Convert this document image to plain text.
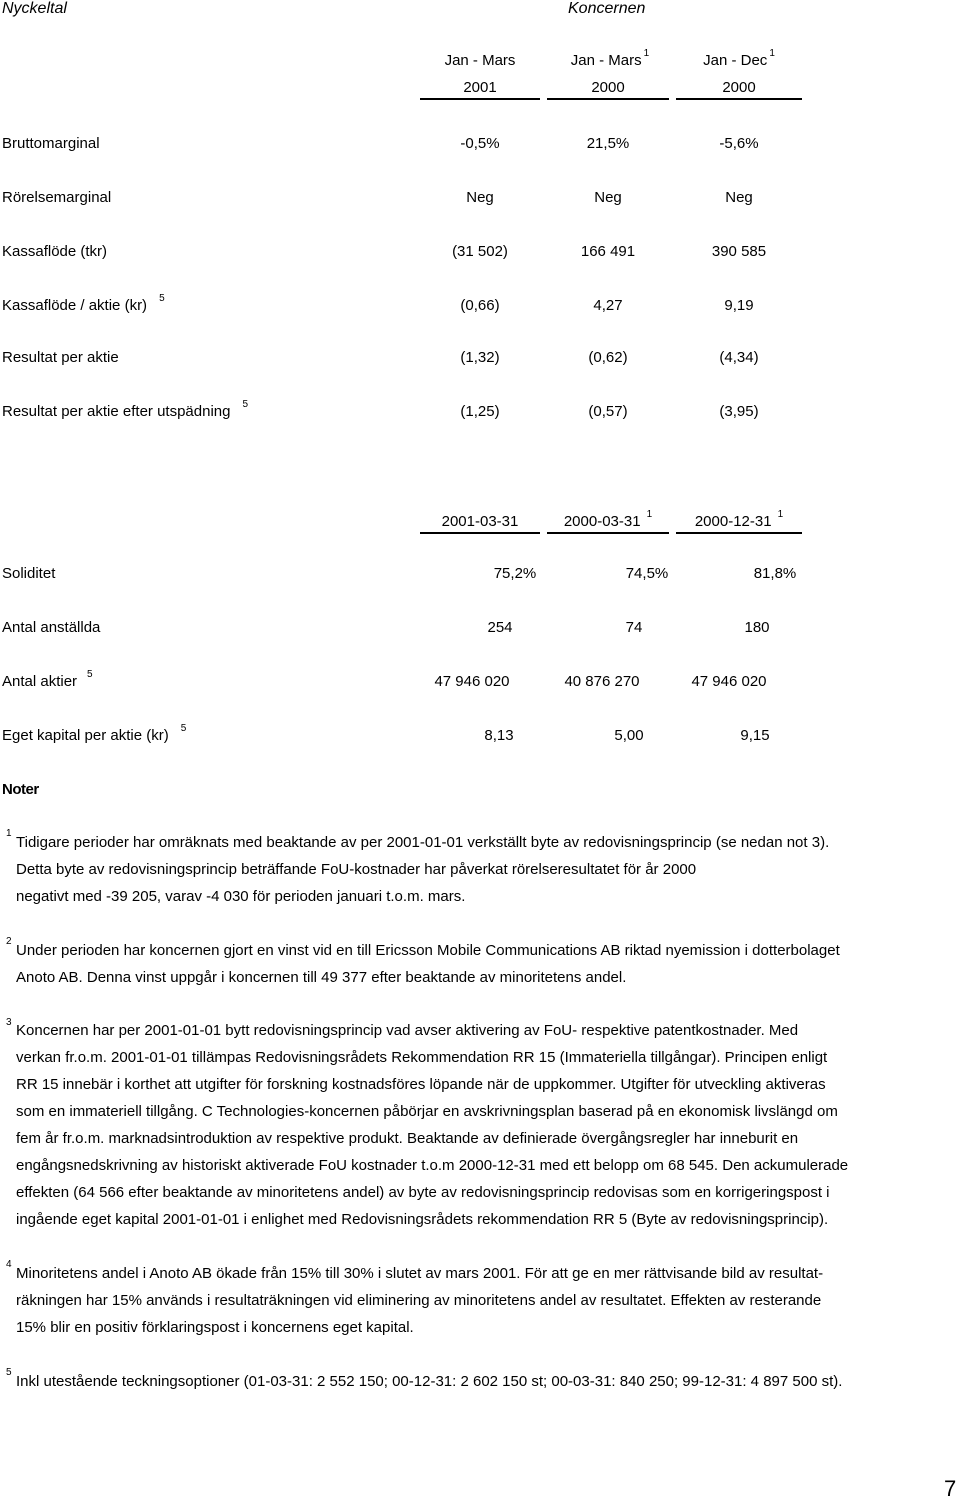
Nyckeltal	Koncernen
Jan - Mars	Jan - Mars $^1$	Jan - Dec $^1$
2001	2000	2000
Bruttomarginal	-0,5%	21,5%	-5,6%
Rörelsemarginal	Neg	Neg	Neg
Kassaflöde (tkr)	(31 502)	166 491	390 585
Kassaflöde / aktie (kr) $^5$	(0,66)	4,27	9,19
Resultat per aktie	(1,32)	(0,62)	(4,34)
Resultat per aktie efter utspädning $^5$	(1,25)	(0,57)	(3,95)
2001-03-31	2000-03-31 $^1$	2000-12-31 $^1$
Soliditet	75,2%	74,5%	81,8%
Antal anställda	254	74	180
Antal aktier $^5$	47 946 020	40 876 270	47 946 020
Eget kapital per aktie (kr) $^5$	8,13	5,00	9,15
Noter
1
Tidigare perioder har omräknats med beaktande av per 2001-01-01 verkställt byte av redovisningsprincip (se nedan not 3).
Detta byte av redovisningsprincip beträffande FoU-kostnader har påverkat rörelseresultatet för år 2000
negativt med -39 205, varav -4 030 för perioden januari t.o.m. mars.
2
Under perioden har koncernen gjort en vinst vid en till Ericsson Mobile Communications AB riktad nyemission i dotterbolaget
Anoto AB. Denna vinst uppgår i koncernen till 49 377 efter beaktande av minoritetens andel.
3 Koncernen har per 2001-01-01 bytt redovisningsprincip vad avser aktivering av FoU- respektive patentkostnader. Med
verkan fr.o.m. 2001-01-01 tillämpas Redovisningsrådets Rekommendation RR 15 (Immateriella tillgångar). Principen enligt
RR 15 innebär i korthet att utgifter för forskning kostnadsföres löpande när de uppkommer. Utgifter för utveckling aktiveras
som en immateriell tillgång. C Technologies-koncernen påbörjar en avskrivningsplan baserad på en ekonomisk livslängd om
fem år fr.o.m. marknadsintroduktion av respektive produkt. Beaktande av definierade övergångsregler har inneburit en
engångsnedskrivning av historiskt aktiverade FoU kostnader t.o.m 2000-12-31 med ett belopp om 68 545. Den ackumulerade
effekten (64 566 efter beaktande av minoritetens andel) av byte av redovisningsprincip redovisas som en korrigeringspost i
ingående eget kapital 2001-01-01 i enlighet med Redovisningsrådets rekommendation RR 5 (Byte av redovisningsprincip).
4
Minoritetens andel i Anoto AB ökade från 15% till 30% i slutet av mars 2001. För att ge en mer rättvisande bild av resultat-
räkningen har 15% används i resultaträkningen vid eliminering av minoritetens andel av resultatet. Effekten av resterande
15% blir en positiv förklaringspost i koncernens eget kapital.
5
Inkl utestående teckningsoptioner (01-03-31: 2 552 150; 00-12-31: 2 602 150 st; 00-03-31: 840 250; 99-12-31: 4 897 500 st).
7
